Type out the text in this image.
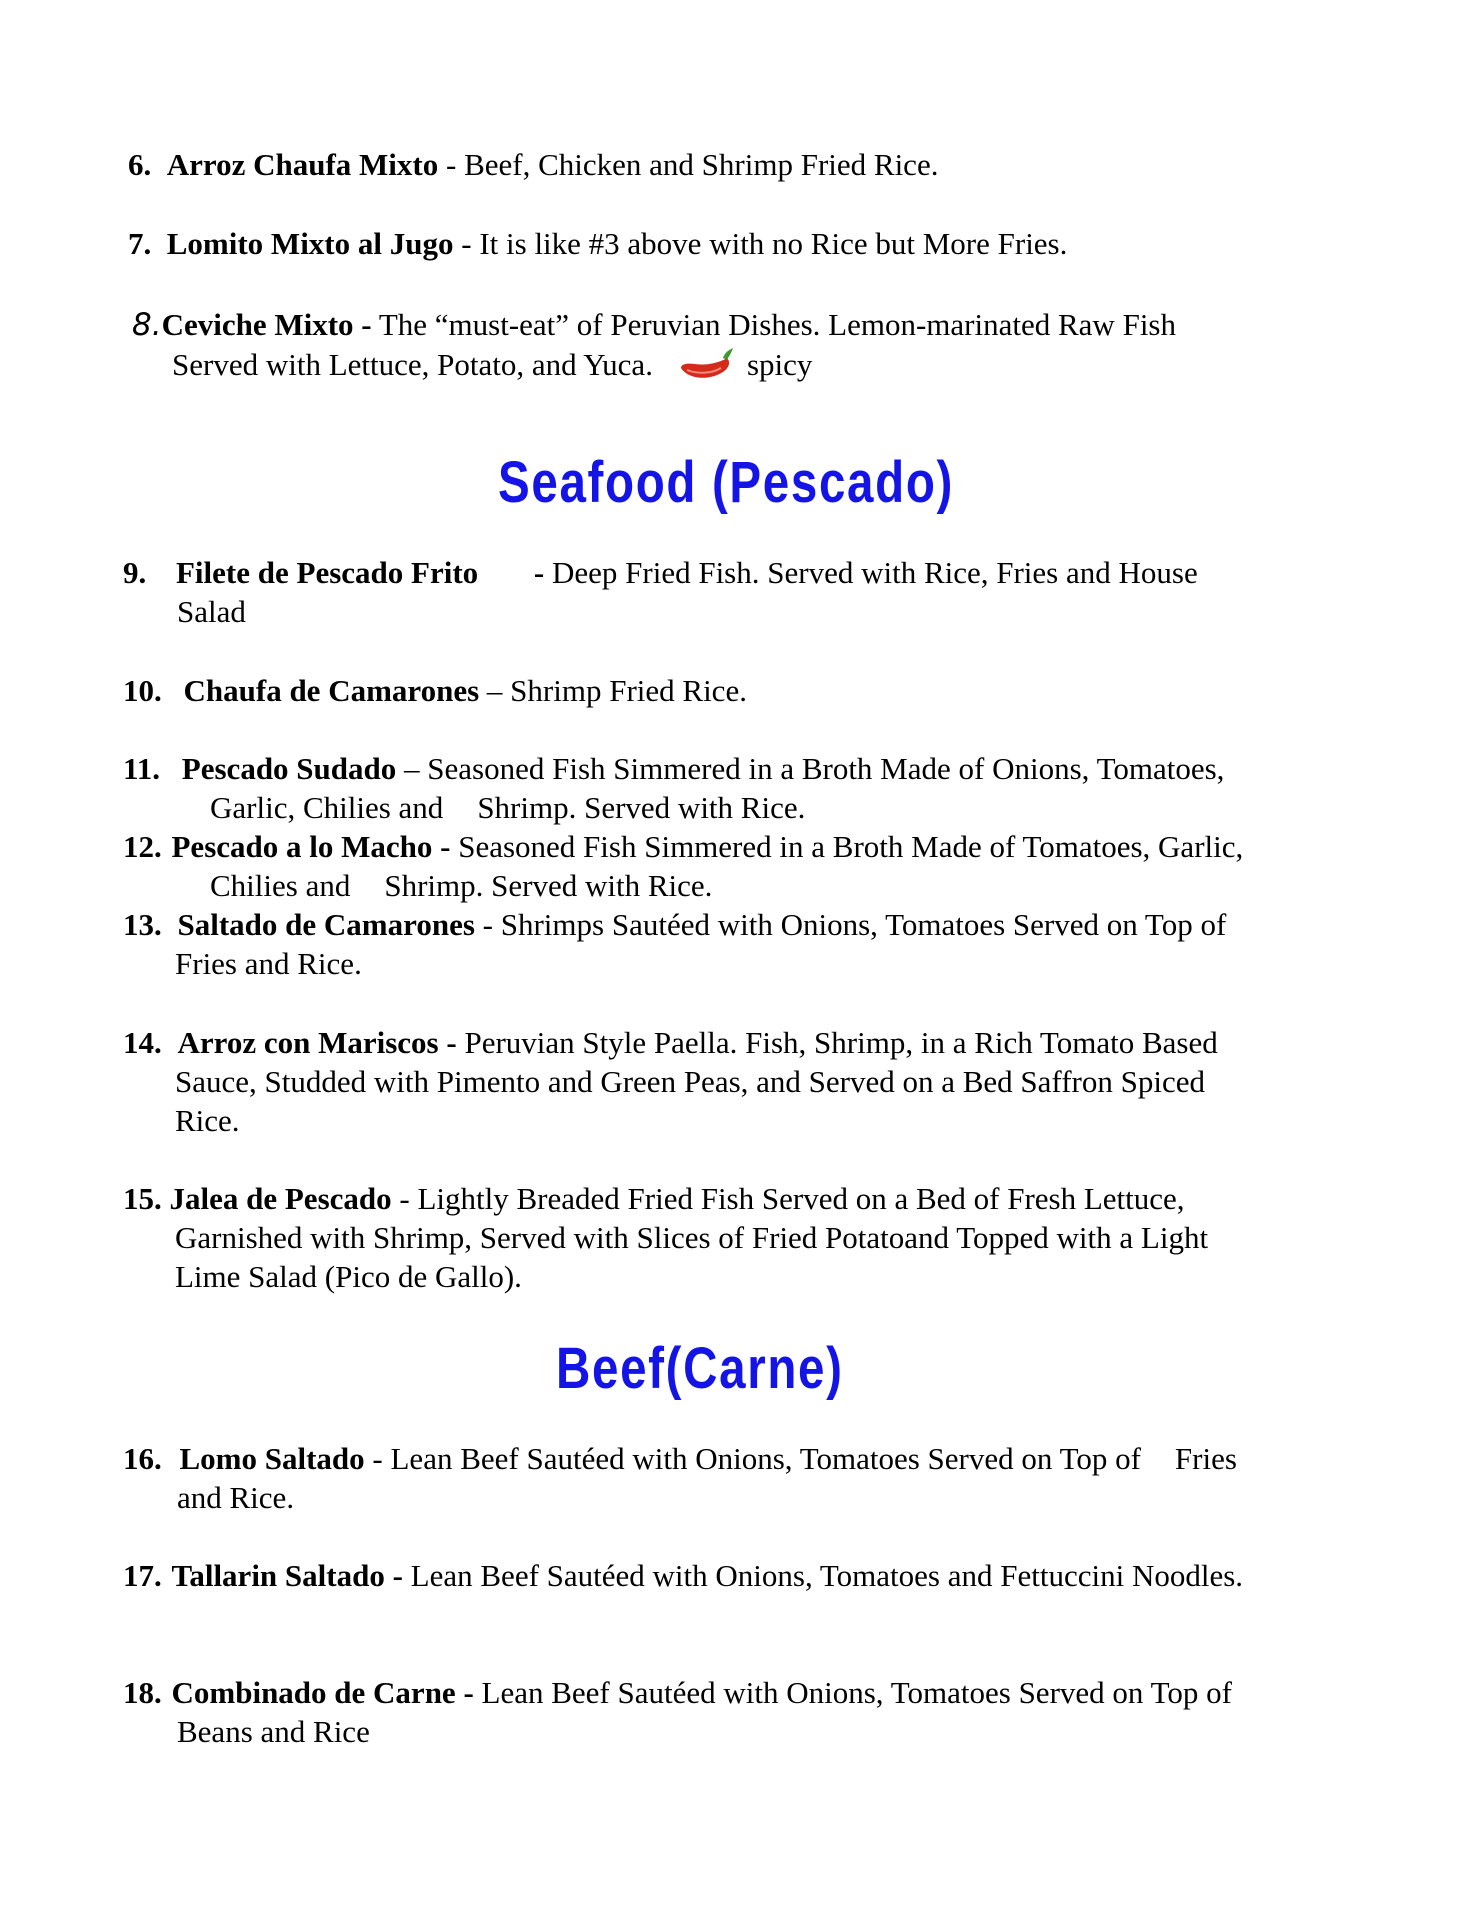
6. Arroz Chaufa Mixto - Beef, Chicken and Shrimp Fried Rice.
7. Lomito Mixto al Jugo - It is like #3 above with no Rice but More Fries.
8.Ceviche Mixto - The “must-eat” of Peruvian Dishes. Lemon-marinated Raw Fish
Served with Lettuce, Potato, and Yuca.	spicy
Seafood (Pescado)
9. Filete de Pescado Frito - Deep Fried Fish. Served with Rice, Fries and House
Salad
10. Chaufa de Camarones – Shrimp Fried Rice.
11. Pescado Sudado – Seasoned Fish Simmered in a Broth Made of Onions, Tomatoes,
Garlic, Chilies and Shrimp. Served with Rice.
12. Pescado a lo Macho - Seasoned Fish Simmered in a Broth Made of Tomatoes, Garlic,
Chilies and Shrimp. Served with Rice.
13. Saltado de Camarones - Shrimps Sautéed with Onions, Tomatoes Served on Top of
Fries and Rice.
14. Arroz con Mariscos - Peruvian Style Paella. Fish, Shrimp, in a Rich Tomato Based
Sauce, Studded with Pimento and Green Peas, and Served on a Bed Saffron Spiced
Rice.
15. Jalea de Pescado - Lightly Breaded Fried Fish Served on a Bed of Fresh Lettuce,
Garnished with Shrimp, Served with Slices of Fried Potatoand Topped with a Light
Lime Salad (Pico de Gallo).
Beef(Carne)
16. Lomo Saltado - Lean Beef Sautéed with Onions, Tomatoes Served on Top of Fries
and Rice.
17. Tallarin Saltado - Lean Beef Sautéed with Onions, Tomatoes and Fettuccini Noodles.
18. Combinado de Carne - Lean Beef Sautéed with Onions, Tomatoes Served on Top of
Beans and Rice
